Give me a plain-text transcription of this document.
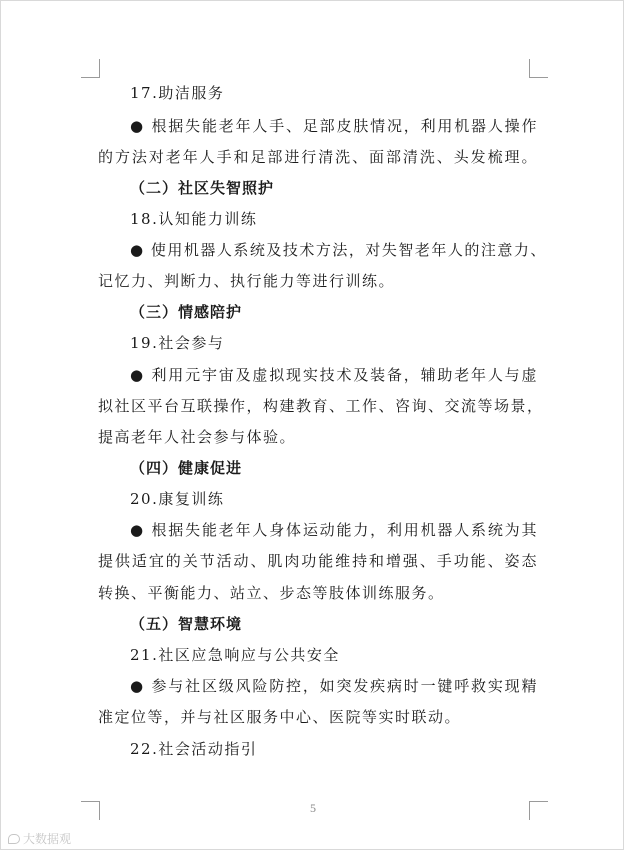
17.助洁服务
● 根据失能老年人手、足部皮肤情况，利用机器人操作
的方法对老年人手和足部进行清洗、面部清洗、头发梳理。
（二）社区失智照护
18.认知能力训练
● 使用机器人系统及技术方法，对失智老年人的注意力、
记忆力、判断力、执行能力等进行训练。
（三）情感陪护
19.社会参与
● 利用元宇宙及虚拟现实技术及装备，辅助老年人与虚
拟社区平台互联操作，构建教育、工作、咨询、交流等场景，
提高老年人社会参与体验。
（四）健康促进
20.康复训练
● 根据失能老年人身体运动能力，利用机器人系统为其
提供适宜的关节活动、肌肉功能维持和增强、手功能、姿态
转换、平衡能力、站立、步态等肢体训练服务。
（五）智慧环境
21.社区应急响应与公共安全
● 参与社区级风险防控，如突发疾病时一键呼救实现精
准定位等，并与社区服务中心、医院等实时联动。
22.社会活动指引
5
大数据观
